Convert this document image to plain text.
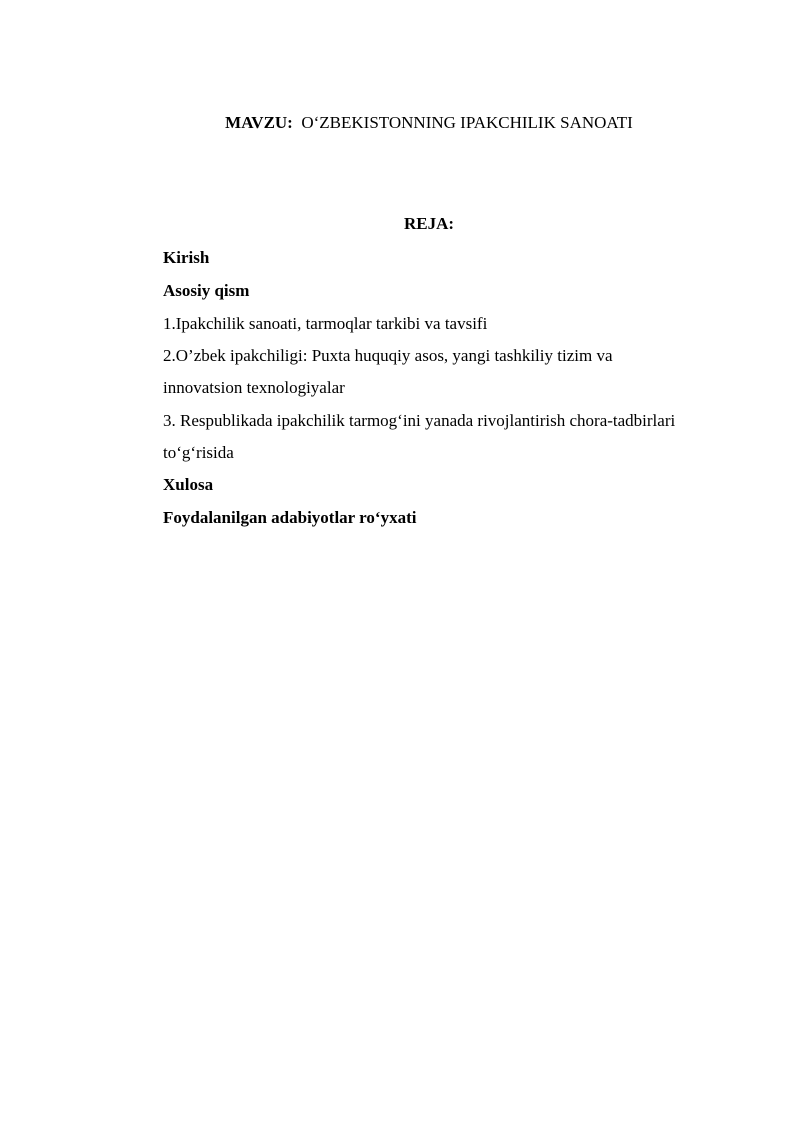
MAVZU: O‘ZBEKISTONNING IPAKCHILIK SANOATI
REJA:
Kirish
Asosiy qism
1.Ipakchilik sanoati, tarmoqlar tarkibi va tavsifi
2.O’zbek ipakchiligi: Puxta huquqiy asos, yangi tashkiliy tizim va
innovatsion texnologiyalar
3. Respublikada ipakchilik tarmog‘ini yanada rivojlantirish chora-tadbirlari
to‘g‘risida
Xulosa
Foydalanilgan adabiyotlar ro‘yxati
